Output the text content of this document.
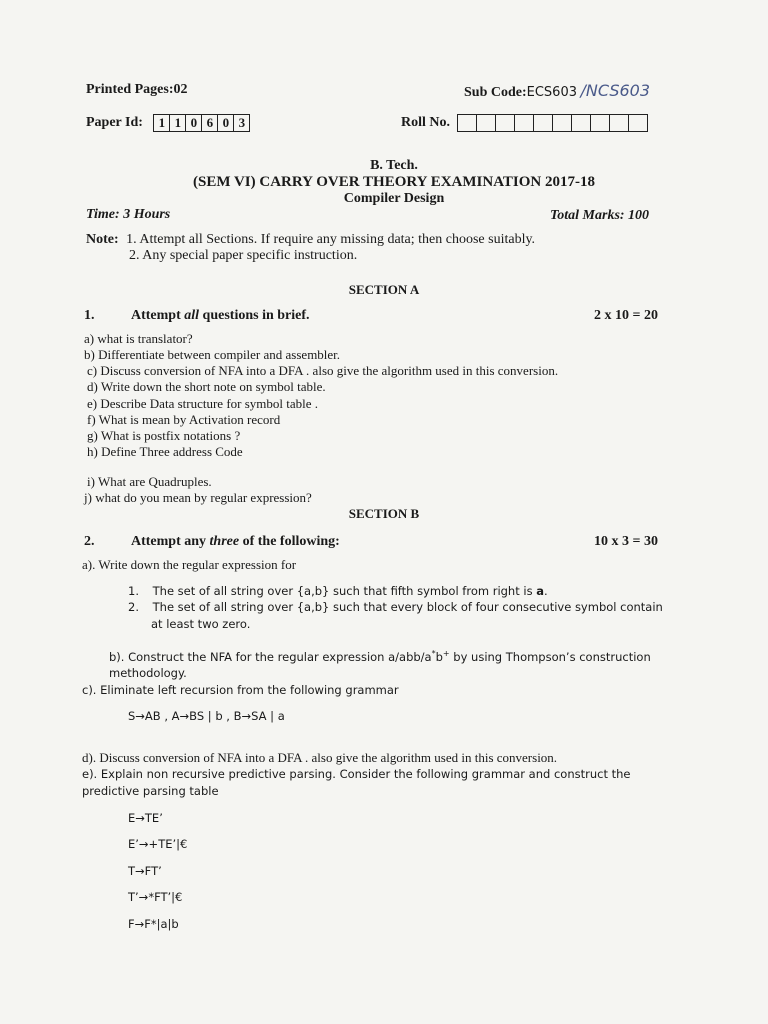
Printed Pages:02	Sub Code:ECS603 /NCS603
Paper Id:	1 1 0 6 0 3	Roll No.
B. Tech.
(SEM VI) CARRY OVER THEORY EXAMINATION 2017-18
Compiler Design
Time: 3 Hours	Total Marks: 100
Note: 1. Attempt all Sections. If require any missing data; then choose suitably.
2. Any special paper specific instruction.
SECTION A
1.	Attempt all questions in brief.	2 x 10 = 20
a) what is translator?
b) Differentiate between compiler and assembler.
c) Discuss conversion of NFA into a DFA . also give the algorithm used in this conversion.
d) Write down the short note on symbol table.
e) Describe Data structure for symbol table .
f) What is mean by Activation record
g) What is postfix notations ?
h) Define Three address Code
i) What are Quadruples.
j) what do you mean by regular expression?
SECTION B
2.	Attempt any three of the following:	10 x 3 = 30
a). Write down the regular expression for
1. The set of all string over {a,b} such that fifth symbol from right is a.
2. The set of all string over {a,b} such that every block of four consecutive symbol contain
at least two zero.
b). Construct the NFA for the regular expression a/abb/a*b+ by using Thompson’s construction
methodology.
c). Eliminate left recursion from the following grammar
S→AB , A→BS | b , B→SA | a
d). Discuss conversion of NFA into a DFA . also give the algorithm used in this conversion.
e). Explain non recursive predictive parsing. Consider the following grammar and construct the
predictive parsing table
E→TE’
E’→+TE’|€
T→FT’
T’→*FT’|€
F→F*|a|b
